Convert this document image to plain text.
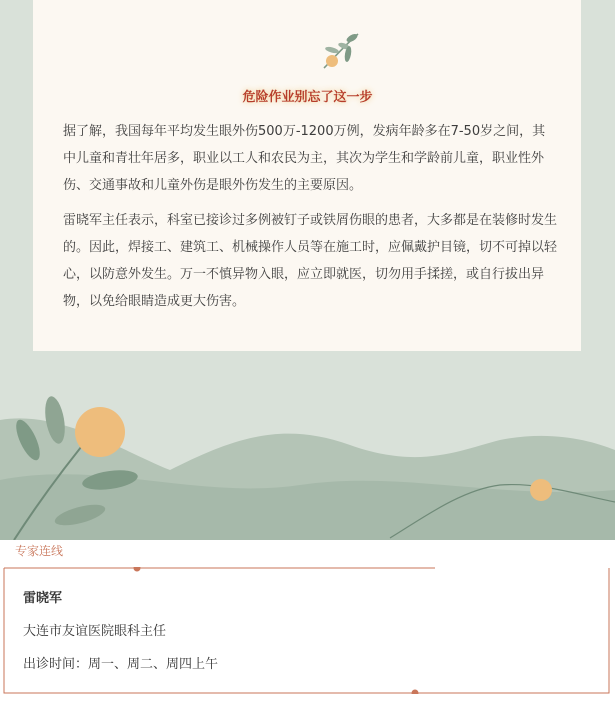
危险作业别忘了这一步

据了解，我国每年平均发生眼外伤500万-1200万例，发病年龄多在7-50岁之间，其中儿童和青壮年居多，职业以工人和农民为主，其次为学生和学龄前儿童，职业性外伤、交通事故和儿童外伤是眼外伤发生的主要原因。

雷晓军主任表示，科室已接诊过多例被钉子或铁屑伤眼的患者，大多都是在装修时发生的。因此，焊接工、建筑工、机械操作人员等在施工时，应佩戴护目镜，切不可掉以轻心，以防意外发生。万一不慎异物入眼，应立即就医，切勿用手揉搓，或自行拔出异物，以免给眼睛造成更大伤害。

专家连线

雷晓军

大连市友谊医院眼科主任

出诊时间：周一、周二、周四上午
